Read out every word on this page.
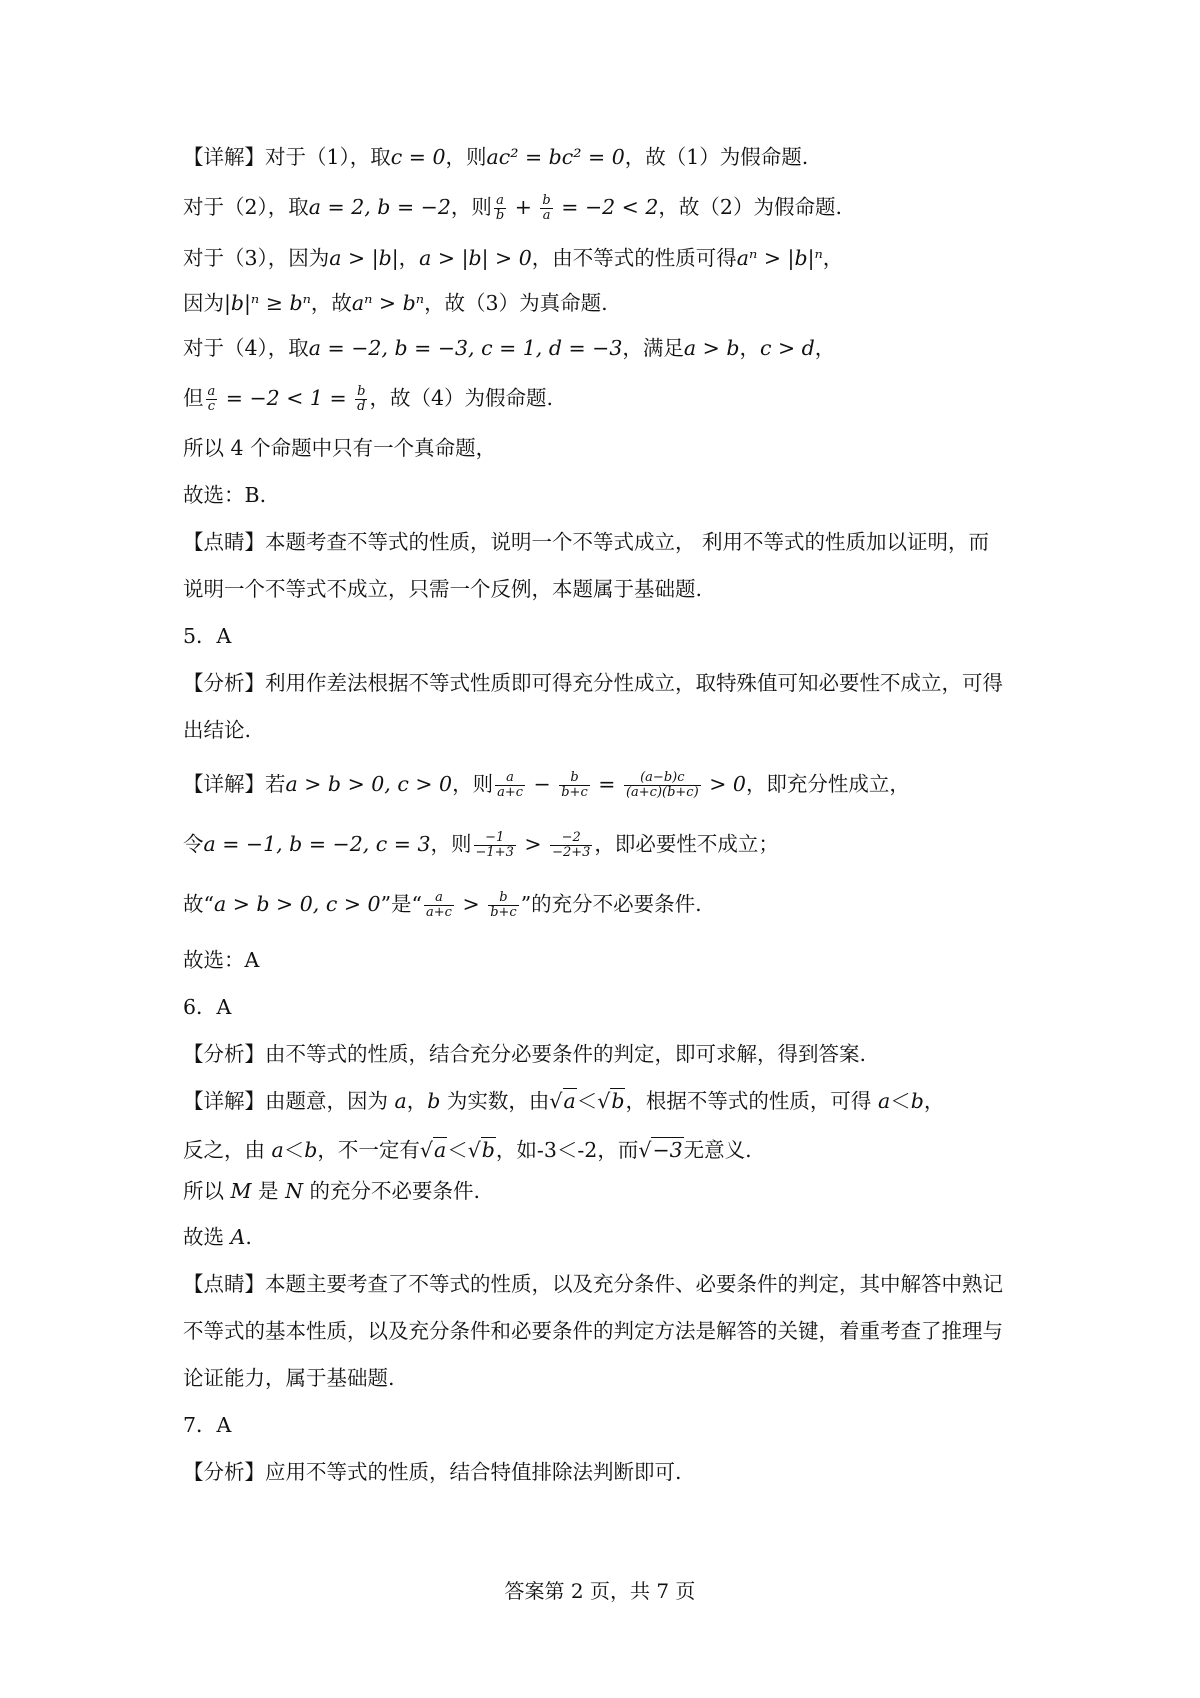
【详解】对于（1），取c = 0，则ac² = bc² = 0，故（1）为假命题.
对于（2），取a = 2, b = −2，则 $\frac{a}{b} + \frac{b}{a} = -2 < 2$，故（2）为假命题.
对于（3），因为a > |b|，a > |b| > 0，由不等式的性质可得aⁿ > |b|ⁿ，
因为|b|ⁿ ≥ bⁿ，故aⁿ > bⁿ，故（3）为真命题.
对于（4），取a = −2, b = −3, c = 1, d = −3，满足a > b，c > d，
但 $\frac{a}{c} = -2 < 1 = \frac{b}{d}$ ，故（4）为假命题.
所以 4 个命题中只有一个真命题，
故选：B.
【点睛】本题考查不等式的性质，说明一个不等式成立， 利用不等式的性质加以证明，而
说明一个不等式不成立，只需一个反例，本题属于基础题.
5．A
【分析】利用作差法根据不等式性质即可得充分性成立，取特殊值可知必要性不成立，可得
出结论.
【详解】若a > b > 0, c > 0，则 $\frac{a}{a+c} - \frac{b}{b+c} = \frac{(a-b)c}{(a+c)(b+c)} > 0$，即充分性成立，
令a = −1, b = −2, c = 3，则 $\frac{-1}{-1+3} > \frac{-2}{-2+3}$ ，即必要性不成立；
故“a > b > 0, c > 0”是“ $\frac{a}{a+c} > \frac{b}{b+c}$ ”的充分不必要条件.
故选：A
6．A
【分析】由不等式的性质，结合充分必要条件的判定，即可求解，得到答案.
【详解】由题意，因为 a，b 为实数，由√a＜√b，根据不等式的性质，可得 a＜b，
反之，由 a＜b，不一定有√a＜√b，如-3＜-2，而√−3无意义.
所以 M 是 N 的充分不必要条件.
故选 A.
【点睛】本题主要考查了不等式的性质，以及充分条件、必要条件的判定，其中解答中熟记
不等式的基本性质，以及充分条件和必要条件的判定方法是解答的关键，着重考查了推理与
论证能力，属于基础题.
7．A
【分析】应用不等式的性质，结合特值排除法判断即可.
答案第 2 页，共 7 页
